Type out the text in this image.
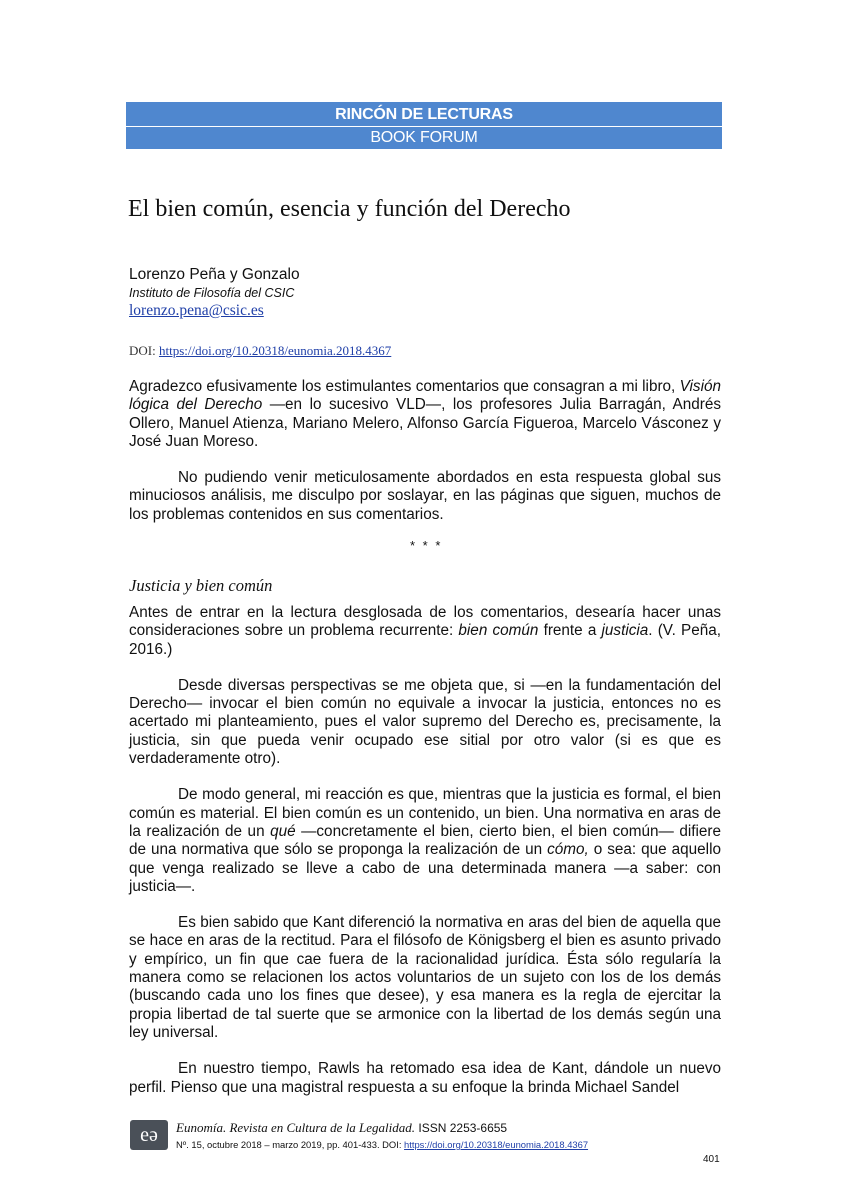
RINCÓN DE LECTURAS
BOOK FORUM
El bien común, esencia y función del Derecho
Lorenzo Peña y Gonzalo
Instituto de Filosofía del CSIC
lorenzo.pena@csic.es
DOI: https://doi.org/10.20318/eunomia.2018.4367

Agradezco efusivamente los estimulantes comentarios que consagran a mi libro, Visión lógica del Derecho —en lo sucesivo VLD—, los profesores Julia Barragán, Andrés Ollero, Manuel Atienza, Mariano Melero, Alfonso García Figueroa, Marcelo Vásconez y José Juan Moreso.

No pudiendo venir meticulosamente abordados en esta respuesta global sus minuciosos análisis, me disculpo por soslayar, en las páginas que siguen, muchos de los problemas contenidos en sus comentarios.

* * *
Justicia y bien común

Antes de entrar en la lectura desglosada de los comentarios, desearía hacer unas consideraciones sobre un problema recurrente: bien común frente a justicia. (V. Peña, 2016.)

Desde diversas perspectivas se me objeta que, si —en la fundamentación del Derecho— invocar el bien común no equivale a invocar la justicia, entonces no es acertado mi planteamiento, pues el valor supremo del Derecho es, precisamente, la justicia, sin que pueda venir ocupado ese sitial por otro valor (si es que es verdaderamente otro).

De modo general, mi reacción es que, mientras que la justicia es formal, el bien común es material. El bien común es un contenido, un bien. Una normativa en aras de la realización de un qué —concretamente el bien, cierto bien, el bien común— difiere de una normativa que sólo se proponga la realización de un cómo, o sea: que aquello que venga realizado se lleve a cabo de una determinada manera —a saber: con justicia—.

Es bien sabido que Kant diferenció la normativa en aras del bien de aquella que se hace en aras de la rectitud. Para el filósofo de Königsberg el bien es asunto privado y empírico, un fin que cae fuera de la racionalidad jurídica. Ésta sólo regularía la manera como se relacionen los actos voluntarios de un sujeto con los de los demás (buscando cada uno los fines que desee), y esa manera es la regla de ejercitar la propia libertad de tal suerte que se armonice con la libertad de los demás según una ley universal.

En nuestro tiempo, Rawls ha retomado esa idea de Kant, dándole un nuevo perfil. Pienso que una magistral respuesta a su enfoque la brinda Michael Sandel

eə Eunomía. Revista en Cultura de la Legalidad. ISSN 2253-6655
Nº. 15, octubre 2018 – marzo 2019, pp. 401-433. DOI: https://doi.org/10.20318/eunomia.2018.4367
401
